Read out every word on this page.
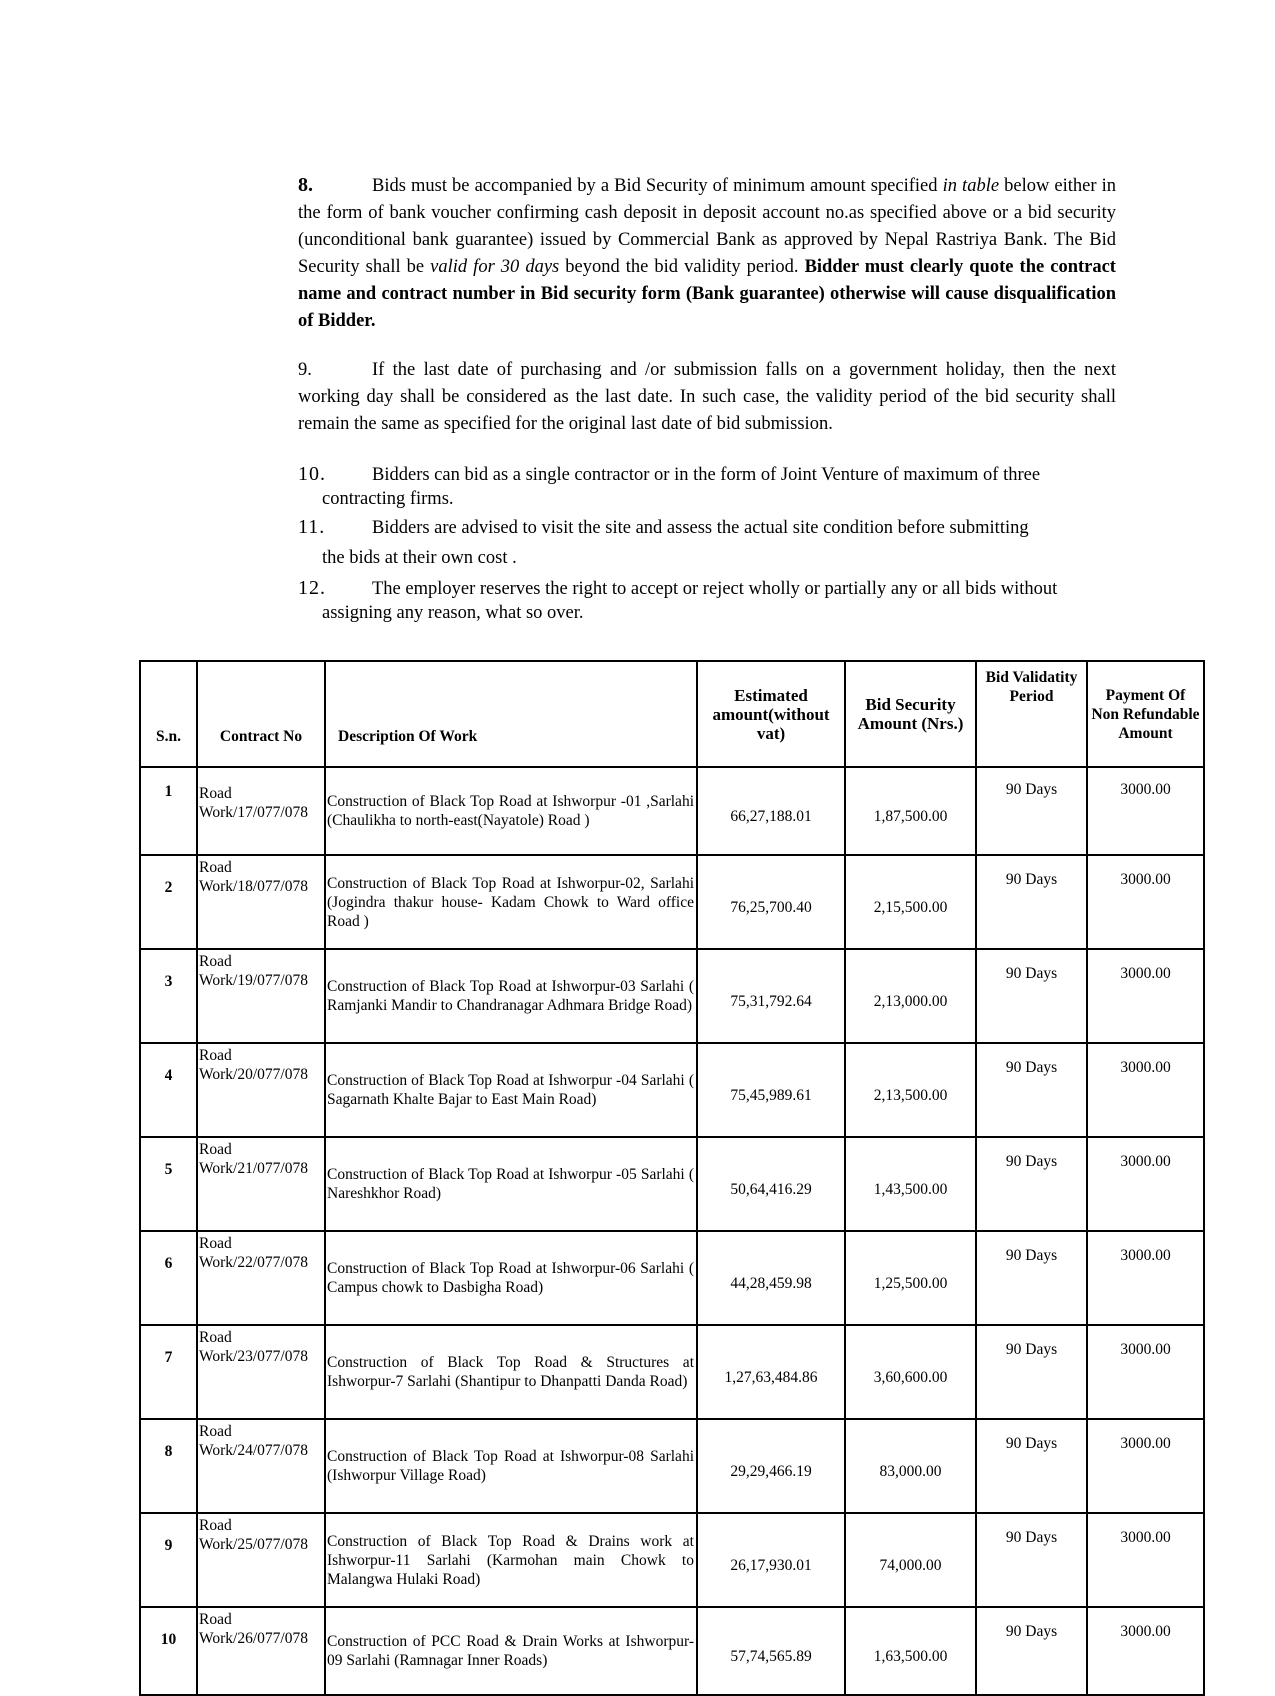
8.	Bids must be accompanied by a Bid Security of minimum amount specified in table below either in the form of bank voucher confirming cash deposit in deposit account no.as specified above or a bid security (unconditional bank guarantee) issued by Commercial Bank as approved by Nepal Rastriya Bank. The Bid Security shall be valid for 30 days beyond the bid validity period. Bidder must clearly quote the contract name and contract number in Bid security form (Bank guarantee) otherwise will cause disqualification of Bidder.

9.	If the last date of purchasing and /or submission falls on a government holiday, then the next working day shall be considered as the last date. In such case, the validity period of the bid security shall remain the same as specified for the original last date of bid submission.

10. Bidders can bid as a single contractor or in the form of Joint Venture of maximum of three
contracting firms.

11.	Bidders are advised to visit the site and assess the actual site condition before submitting
the bids at their own cost .

12. The employer reserves the right to accept or reject wholly or partially any or all bids without
assigning any reason, what so over.

S.n.	Contract No	Description Of Work	Estimated amount(without vat)	Bid Security Amount (Nrs.)	Bid Validatity Period	Payment Of Non Refundable Amount
1	Road Work/17/077/078	Construction of Black Top Road at Ishworpur -01 ,Sarlahi (Chaulikha to north-east(Nayatole) Road )	66,27,188.01	1,87,500.00	90 Days	3000.00
2	Road Work/18/077/078	Construction of Black Top Road at Ishworpur-02, Sarlahi (Jogindra thakur house- Kadam Chowk to Ward office Road )	76,25,700.40	2,15,500.00	90 Days	3000.00
3	Road Work/19/077/078	Construction of Black Top Road at Ishworpur-03 Sarlahi ( Ramjanki Mandir to Chandranagar Adhmara Bridge Road)	75,31,792.64	2,13,000.00	90 Days	3000.00
4	Road Work/20/077/078	Construction of Black Top Road at Ishworpur -04 Sarlahi ( Sagarnath Khalte Bajar to East Main Road)	75,45,989.61	2,13,500.00	90 Days	3000.00
5	Road Work/21/077/078	Construction of Black Top Road at Ishworpur -05 Sarlahi ( Nareshkhor Road)	50,64,416.29	1,43,500.00	90 Days	3000.00
6	Road Work/22/077/078	Construction of Black Top Road at Ishworpur-06 Sarlahi ( Campus chowk to Dasbigha Road)	44,28,459.98	1,25,500.00	90 Days	3000.00
7	Road Work/23/077/078	Construction of Black Top Road & Structures at Ishworpur-7 Sarlahi (Shantipur to Dhanpatti Danda Road)	1,27,63,484.86	3,60,600.00	90 Days	3000.00
8	Road Work/24/077/078	Construction of Black Top Road at Ishworpur-08 Sarlahi (Ishworpur Village Road)	29,29,466.19	83,000.00	90 Days	3000.00
9	Road Work/25/077/078	Construction of Black Top Road & Drains work at Ishworpur-11 Sarlahi (Karmohan main Chowk to Malangwa Hulaki Road)	26,17,930.01	74,000.00	90 Days	3000.00
10	Road Work/26/077/078	Construction of PCC Road & Drain Works at Ishworpur-09 Sarlahi (Ramnagar Inner Roads)	57,74,565.89	1,63,500.00	90 Days	3000.00
